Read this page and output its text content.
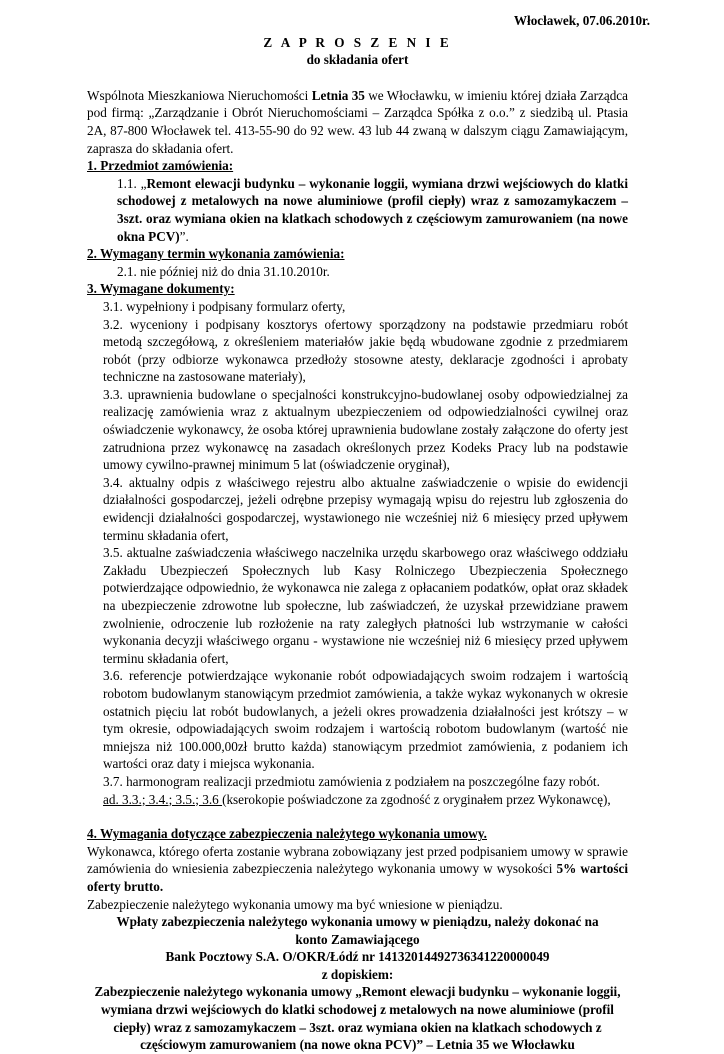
Włocławek, 07.06.2010r.
Z A P R O S Z E N I E
do składania ofert

Wspólnota Mieszkaniowa Nieruchomości Letnia 35 we Włocławku, w imieniu której działa Zarządca pod firmą: „Zarządzanie i Obrót Nieruchomościami – Zarządca Spółka z o.o.” z siedzibą ul. Ptasia 2A, 87-800 Włocławek tel. 413-55-90 do 92 wew. 43 lub 44 zwaną w dalszym ciągu Zamawiającym, zaprasza do składania ofert.

1. Przedmiot zamówienia:

1.1. „Remont elewacji budynku – wykonanie loggii, wymiana drzwi wejściowych do klatki schodowej z metalowych na nowe aluminiowe (profil ciepły) wraz z samozamykaczem – 3szt. oraz wymiana okien na klatkach schodowych z częściowym zamurowaniem (na nowe okna PCV)”.

2. Wymagany termin wykonania zamówienia:

2.1. nie później niż do dnia 31.10.2010r.

3. Wymagane dokumenty:

3.1. wypełniony i podpisany formularz oferty,

3.2. wyceniony i podpisany kosztorys ofertowy sporządzony na podstawie przedmiaru robót metodą szczegółową, z określeniem materiałów jakie będą wbudowane zgodnie z przedmiarem robót (przy odbiorze wykonawca przedłoży stosowne atesty, deklaracje zgodności i aprobaty techniczne na zastosowane materiały),

3.3. uprawnienia budowlane o specjalności konstrukcyjno-budowlanej osoby odpowiedzialnej za realizację zamówienia wraz z aktualnym ubezpieczeniem od odpowiedzialności cywilnej oraz oświadczenie wykonawcy, że osoba której uprawnienia budowlane zostały załączone do oferty jest zatrudniona przez wykonawcę na zasadach określonych przez Kodeks Pracy lub na podstawie umowy cywilno-prawnej minimum 5 lat (oświadczenie oryginał),

3.4. aktualny odpis z właściwego rejestru albo aktualne zaświadczenie o wpisie do ewidencji działalności gospodarczej, jeżeli odrębne przepisy wymagają wpisu do rejestru lub zgłoszenia do ewidencji działalności gospodarczej, wystawionego nie wcześniej niż 6 miesięcy przed upływem terminu składania ofert,

3.5. aktualne zaświadczenia właściwego naczelnika urzędu skarbowego oraz właściwego oddziału Zakładu Ubezpieczeń Społecznych lub Kasy Rolniczego Ubezpieczenia Społecznego potwierdzające odpowiednio, że wykonawca nie zalega z opłacaniem podatków, opłat oraz składek na ubezpieczenie zdrowotne lub społeczne, lub zaświadczeń, że uzyskał przewidziane prawem zwolnienie, odroczenie lub rozłożenie na raty zaległych płatności lub wstrzymanie w całości wykonania decyzji właściwego organu - wystawione nie wcześniej niż 6 miesięcy przed upływem terminu składania ofert,

3.6. referencje potwierdzające wykonanie robót odpowiadających swoim rodzajem i wartością robotom budowlanym stanowiącym przedmiot zamówienia, a także wykaz wykonanych w okresie ostatnich pięciu lat robót budowlanych, a jeżeli okres prowadzenia działalności jest krótszy – w tym okresie, odpowiadających swoim rodzajem i wartością robotom budowlanym (wartość nie mniejsza niż 100.000,00zł brutto każda) stanowiącym przedmiot zamówienia, z podaniem ich wartości oraz daty i miejsca wykonania.

3.7. harmonogram realizacji przedmiotu zamówienia z podziałem na poszczególne fazy robót.

ad. 3.3.; 3.4.; 3.5.; 3.6 (kserokopie poświadczone za zgodność z oryginałem przez Wykonawcę),

4. Wymagania dotyczące zabezpieczenia należytego wykonania umowy.

Wykonawca, którego oferta zostanie wybrana zobowiązany jest przed podpisaniem umowy w sprawie zamówienia do wniesienia zabezpieczenia należytego wykonania umowy w wysokości 5% wartości oferty brutto.

Zabezpieczenie należytego wykonania umowy ma być wniesione w pieniądzu.

Wpłaty zabezpieczenia należytego wykonania umowy w pieniądzu, należy dokonać na
konto Zamawiającego
Bank Pocztowy S.A. O/OKR/Łódź nr 14132014492736341220000049
z dopiskiem:
Zabezpieczenie należytego wykonania umowy „Remont elewacji budynku – wykonanie loggii, wymiana drzwi wejściowych do klatki schodowej z metalowych na nowe aluminiowe (profil ciepły) wraz z samozamykaczem – 3szt. oraz wymiana okien na klatkach schodowych z częściowym zamurowaniem (na nowe okna PCV)” – Letnia 35 we Włocławku
